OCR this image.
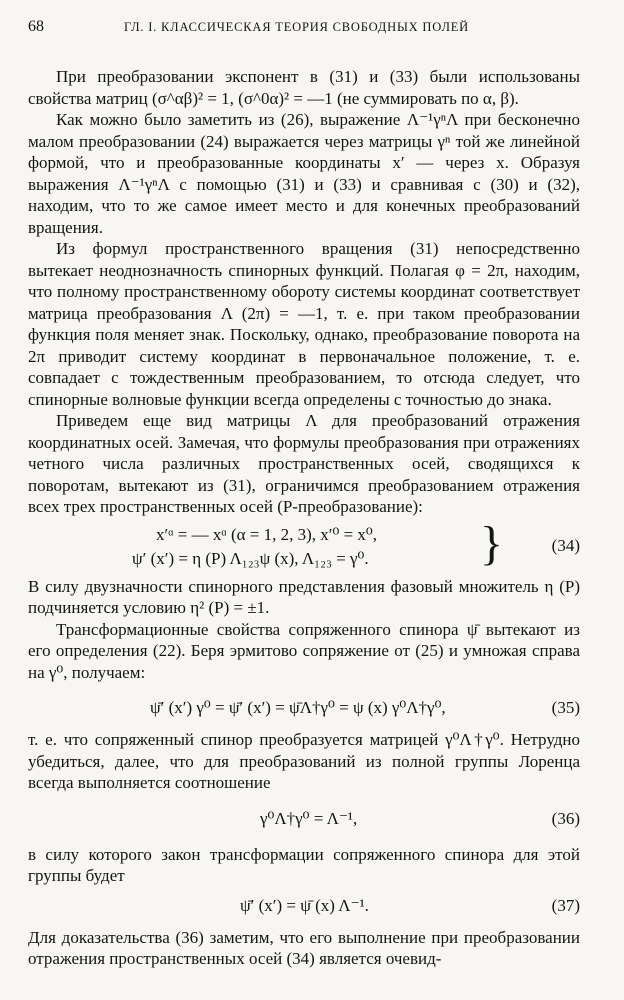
68	ГЛ. I. КЛАССИЧЕСКАЯ ТЕОРИЯ СВОБОДНЫХ ПОЛЕЙ

При преобразовании экспонент в (31) и (33) были использованы свойства матриц (σ^αβ)² = 1, (σ^0α)² = —1 (не суммировать по α, β).

Как можно было заметить из (26), выражение Λ⁻¹γⁿΛ при бесконечно малом преобразовании (24) выражается через матрицы γⁿ той же линейной формой, что и преобразованные координаты x′ — через x. Образуя выражения Λ⁻¹γⁿΛ с помощью (31) и (33) и сравнивая с (30) и (32), находим, что то же самое имеет место и для конечных преобразований вращения.

Из формул пространственного вращения (31) непосредственно вытекает неоднозначность спинорных функций. Полагая φ = 2π, находим, что полному пространственному обороту системы координат соответствует матрица преобразования Λ (2π) = —1, т. е. при таком преобразовании функция поля меняет знак. Поскольку, однако, преобразование поворота на 2π приводит систему координат в первоначальное положение, т. е. совпадает с тождественным преобразованием, то отсюда следует, что спинорные волновые функции всегда определены с точностью до знака.

Приведем еще вид матрицы Λ для преобразований отражения координатных осей. Замечая, что формулы преобразования при отражениях четного числа различных пространственных осей, сводящихся к поворотам, вытекают из (31), ограничимся преобразованием отражения всех трех пространственных осей (P-преобразование):

x′ᵅ = — xᵅ (α = 1, 2, 3), x′⁰ = x⁰,
ψ′ (x′) = η (P) Λ₁₂₃ψ (x), Λ₁₂₃ = γ⁰. }	(34)

В силу двузначности спинорного представления фазовый множитель η (P) подчиняется условию η² (P) = ±1.

Трансформационные свойства сопряженного спинора ψ̄ вытекают из его определения (22). Беря эрмитово сопряжение от (25) и умножая справа на γ⁰, получаем:

ψ̄′ (x′) γ⁰ = ψ̄′ (x′) = ψ̄Λ†γ⁰ = ψ (x) γ⁰Λ†γ⁰,	(35)

т. е. что сопряженный спинор преобразуется матрицей γ⁰Λ†γ⁰. Нетрудно убедиться, далее, что для преобразований из полной группы Лоренца всегда выполняется соотношение

γ⁰Λ†γ⁰ = Λ⁻¹,	(36)

в силу которого закон трансформации сопряженного спинора для этой группы будет

ψ̄′ (x′) = ψ̄ (x) Λ⁻¹.	(37)

Для доказательства (36) заметим, что его выполнение при преобразовании отражения пространственных осей (34) является очевид-
